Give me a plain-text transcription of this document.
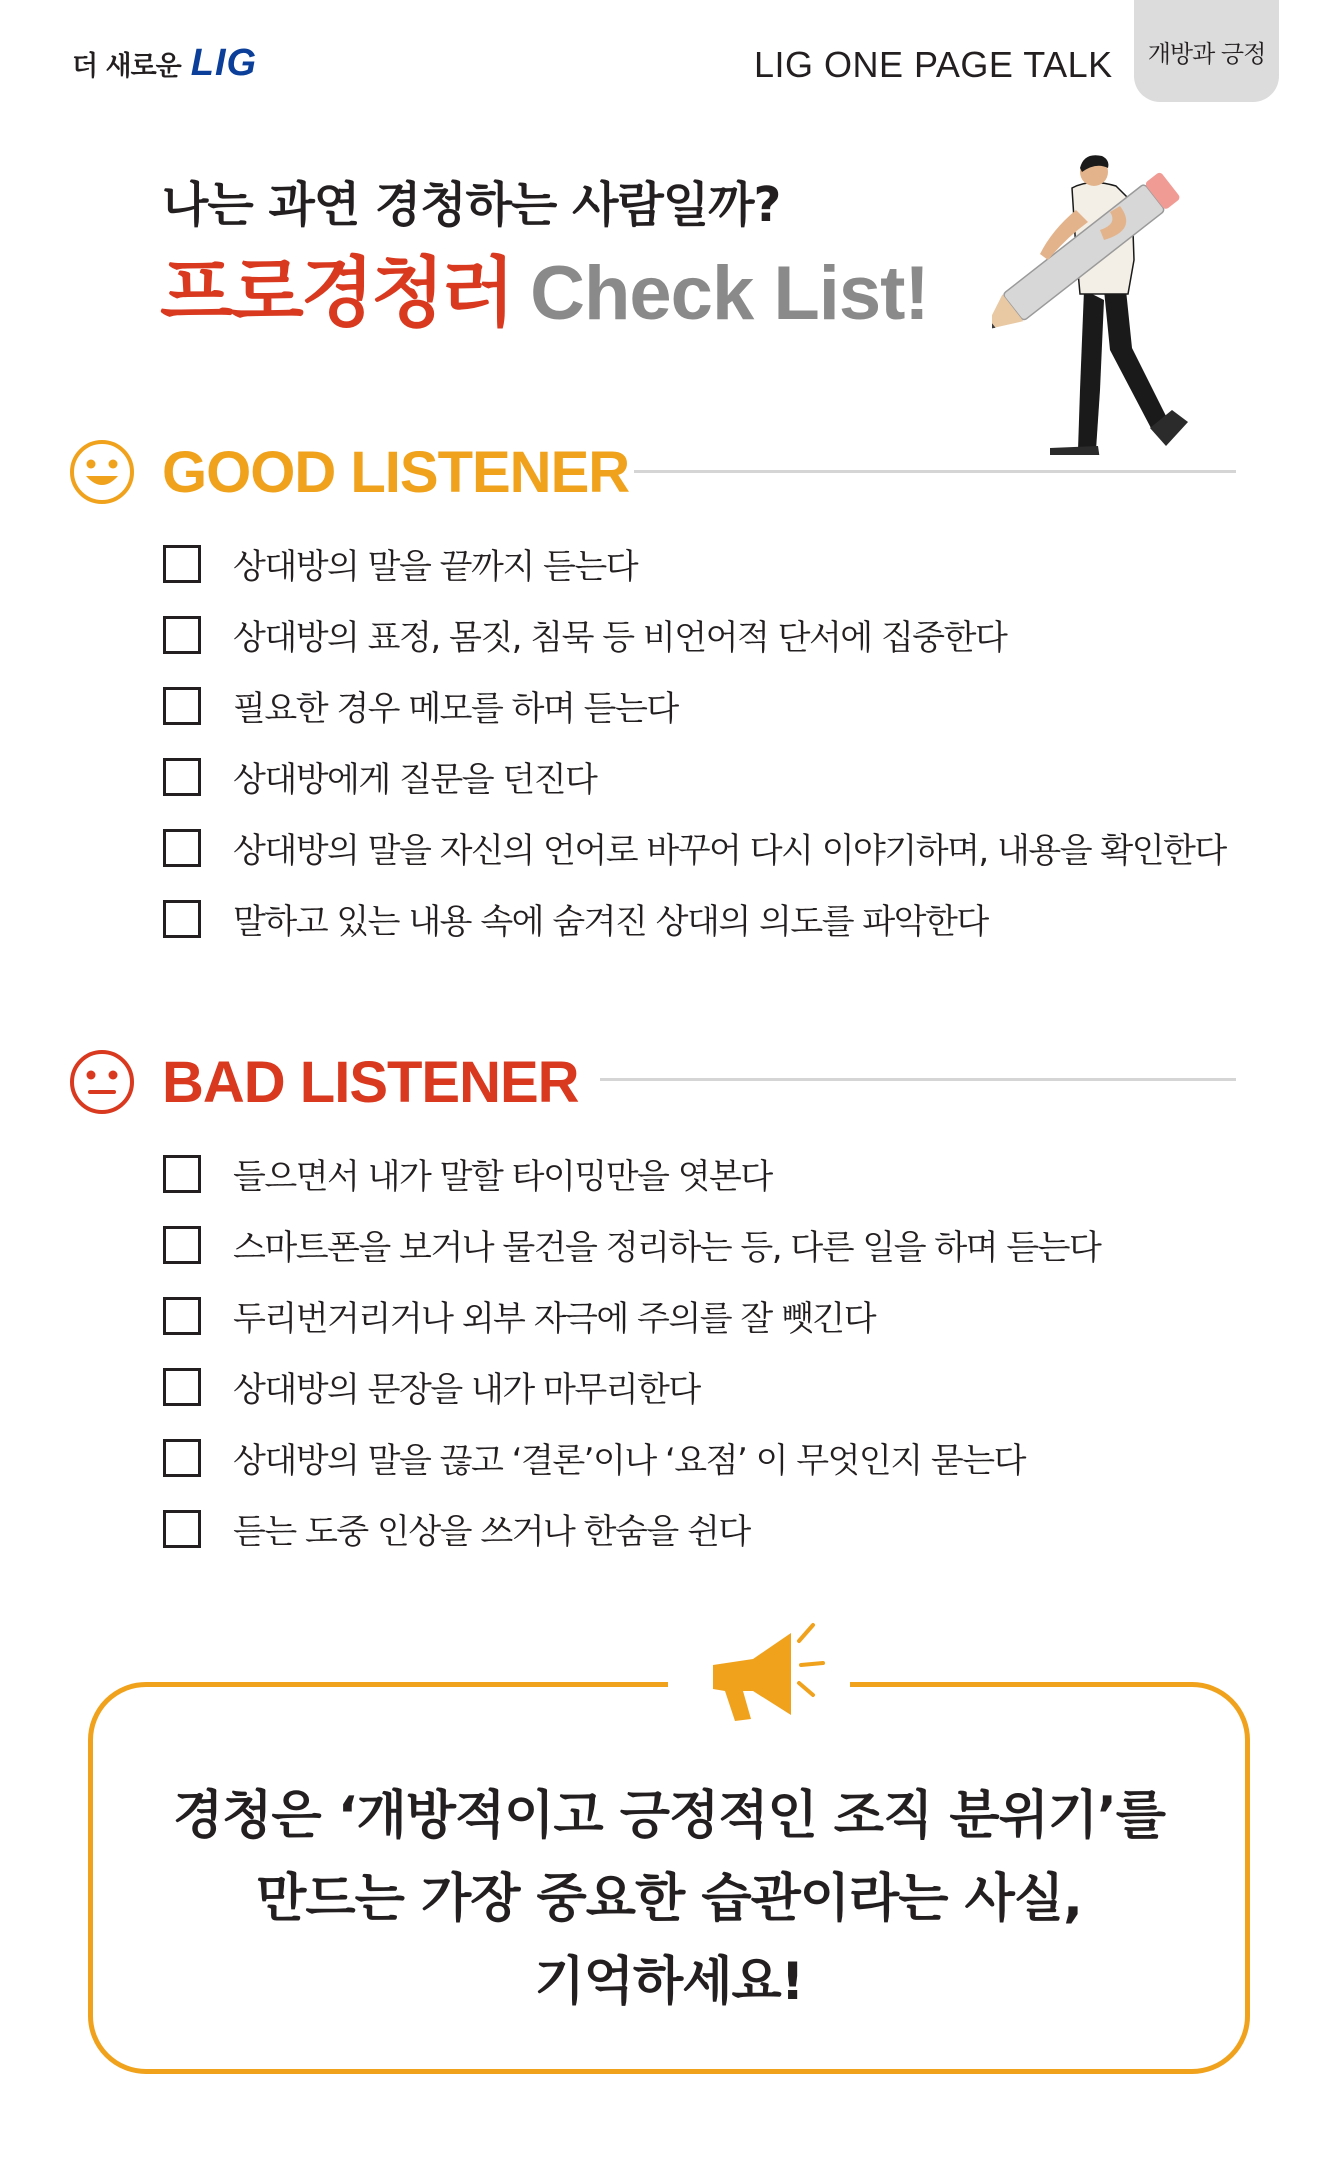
더 새로운 LIG	LIG ONE PAGE TALK	개방과 긍정
나는 과연 경청하는 사람일까?
프로경청러 Check List!
GOOD LISTENER
상대방의 말을 끝까지 듣는다
상대방의 표정, 몸짓, 침묵 등 비언어적 단서에 집중한다
필요한 경우 메모를 하며 듣는다
상대방에게 질문을 던진다
상대방의 말을 자신의 언어로 바꾸어 다시 이야기하며, 내용을 확인한다
말하고 있는 내용 속에 숨겨진 상대의 의도를 파악한다
BAD LISTENER
들으면서 내가 말할 타이밍만을 엿본다
스마트폰을 보거나 물건을 정리하는 등, 다른 일을 하며 듣는다
두리번거리거나 외부 자극에 주의를 잘 뺏긴다
상대방의 문장을 내가 마무리한다
상대방의 말을 끊고 ‘결론’이나 ‘요점’ 이 무엇인지 묻는다
듣는 도중 인상을 쓰거나 한숨을 쉰다
경청은 ‘개방적이고 긍정적인 조직 분위기’를
만드는 가장 중요한 습관이라는 사실,
기억하세요!
